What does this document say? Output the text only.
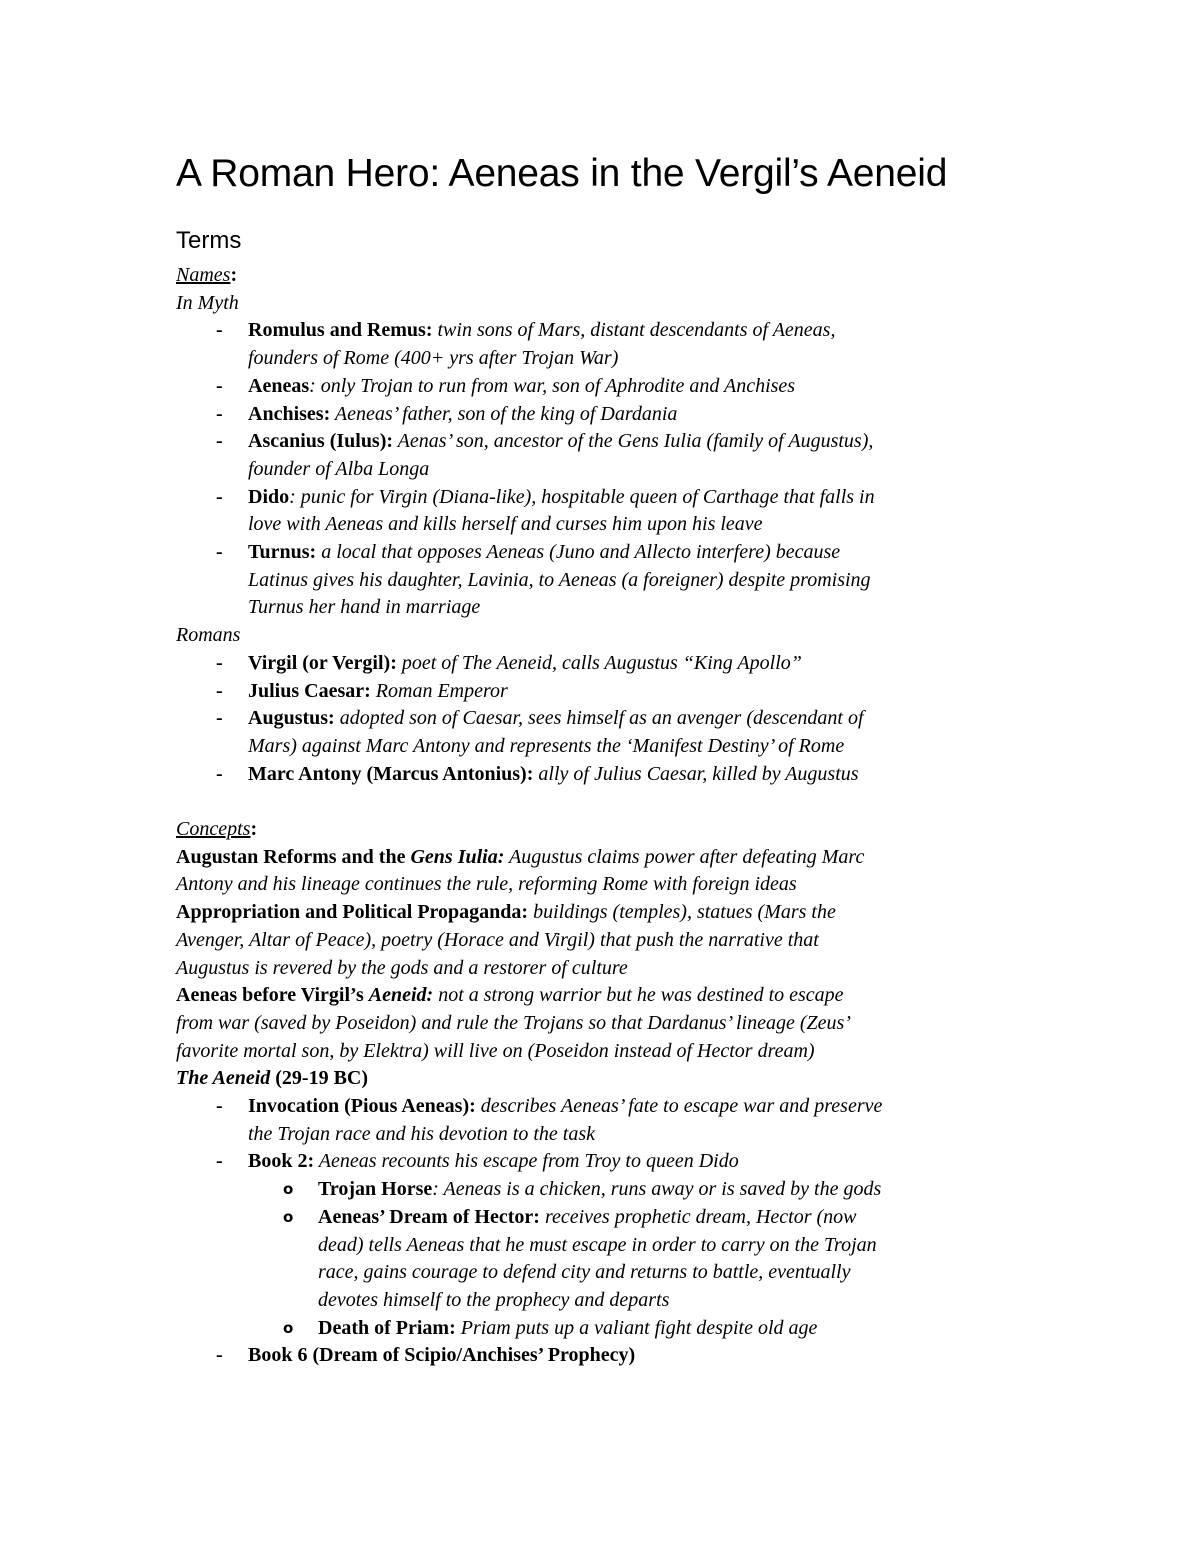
A Roman Hero: Aeneas in the Vergil’s Aeneid
Terms
Names:
In Myth
- Romulus and Remus: twin sons of Mars, distant descendants of Aeneas,
founders of Rome (400+ yrs after Trojan War)
- Aeneas: only Trojan to run from war, son of Aphrodite and Anchises
- Anchises: Aeneas’ father, son of the king of Dardania
- Ascanius (Iulus): Aenas’ son, ancestor of the Gens Iulia (family of Augustus),
founder of Alba Longa
- Dido: punic for Virgin (Diana-like), hospitable queen of Carthage that falls in
love with Aeneas and kills herself and curses him upon his leave
- Turnus: a local that opposes Aeneas (Juno and Allecto interfere) because
Latinus gives his daughter, Lavinia, to Aeneas (a foreigner) despite promising
Turnus her hand in marriage
Romans
- Virgil (or Vergil): poet of The Aeneid, calls Augustus “King Apollo”
- Julius Caesar: Roman Emperor
- Augustus: adopted son of Caesar, sees himself as an avenger (descendant of
Mars) against Marc Antony and represents the ‘Manifest Destiny’ of Rome
- Marc Antony (Marcus Antonius): ally of Julius Caesar, killed by Augustus
Concepts:
Augustan Reforms and the Gens Iulia: Augustus claims power after defeating Marc
Antony and his lineage continues the rule, reforming Rome with foreign ideas
Appropriation and Political Propaganda: buildings (temples), statues (Mars the
Avenger, Altar of Peace), poetry (Horace and Virgil) that push the narrative that
Augustus is revered by the gods and a restorer of culture
Aeneas before Virgil’s Aeneid: not a strong warrior but he was destined to escape
from war (saved by Poseidon) and rule the Trojans so that Dardanus’ lineage (Zeus’
favorite mortal son, by Elektra) will live on (Poseidon instead of Hector dream)
The Aeneid (29-19 BC)
- Invocation (Pious Aeneas): describes Aeneas’ fate to escape war and preserve
the Trojan race and his devotion to the task
- Book 2: Aeneas recounts his escape from Troy to queen Dido
o Trojan Horse: Aeneas is a chicken, runs away or is saved by the gods
o Aeneas’ Dream of Hector: receives prophetic dream, Hector (now
dead) tells Aeneas that he must escape in order to carry on the Trojan
race, gains courage to defend city and returns to battle, eventually
devotes himself to the prophecy and departs
o Death of Priam: Priam puts up a valiant fight despite old age
- Book 6 (Dream of Scipio/Anchises’ Prophecy)
